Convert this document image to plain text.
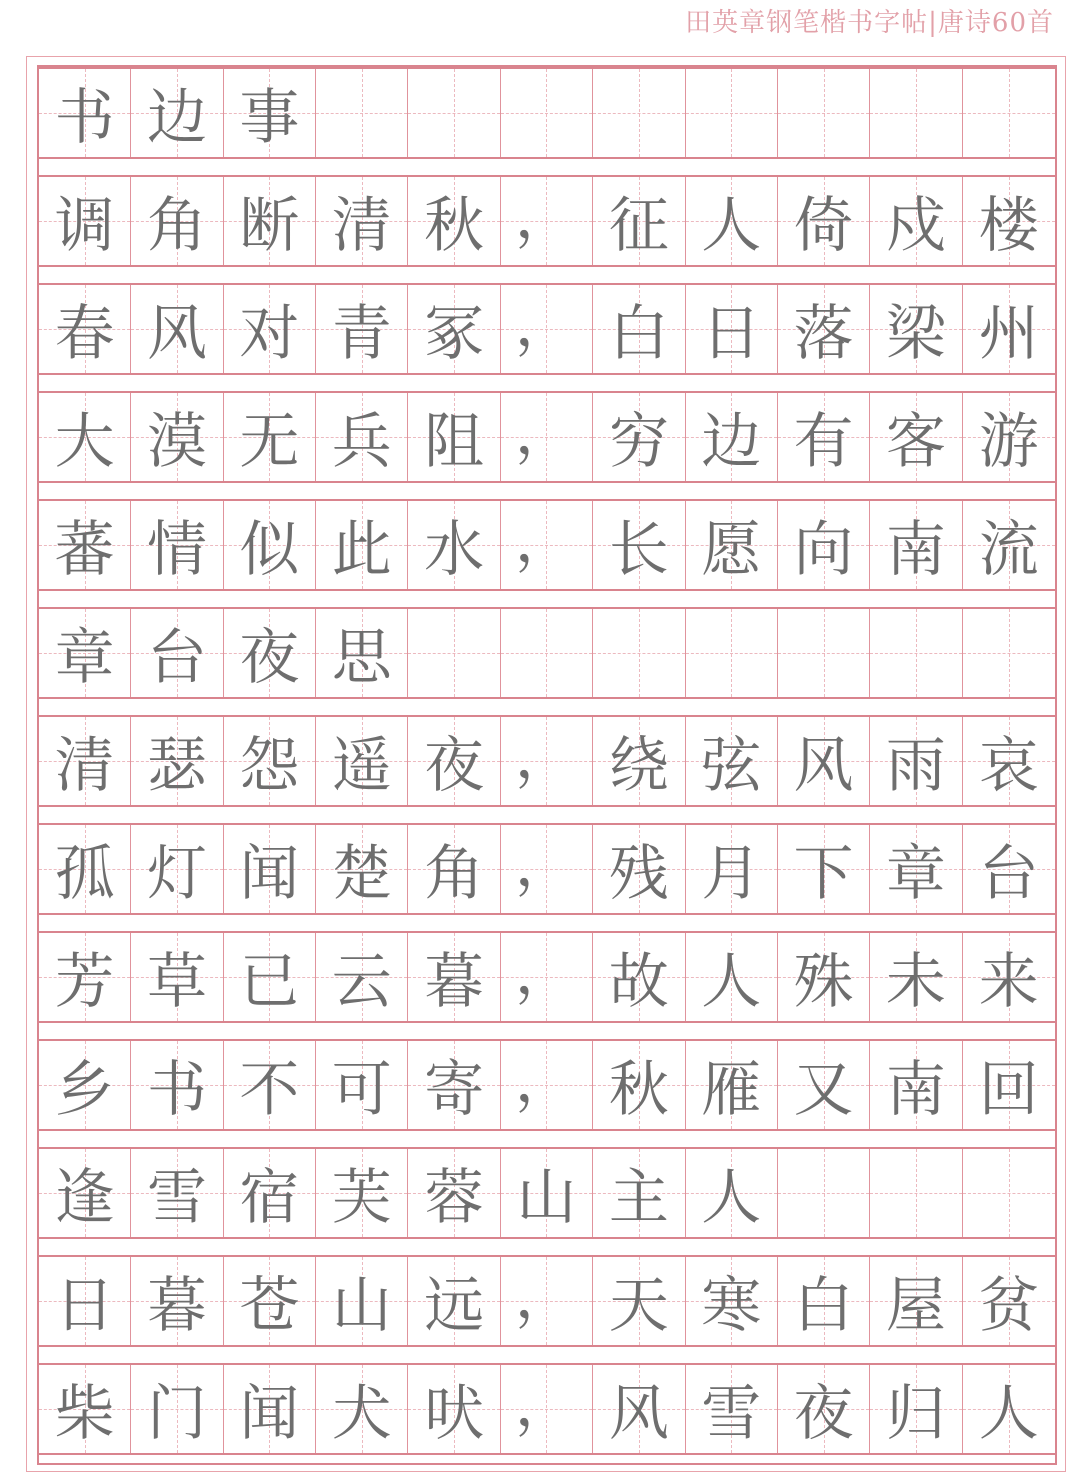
田英章钢笔楷书字帖|唐诗60首
书 边 事
调 角 断 清 秋 ， 征 人 倚 戍 楼
春 风 对 青 冢 ， 白 日 落 梁 州
大 漠 无 兵 阻 ， 穷 边 有 客 游
蕃 情 似 此 水 ， 长 愿 向 南 流
章 台 夜 思
清 瑟 怨 遥 夜 ， 绕 弦 风 雨 哀
孤 灯 闻 楚 角 ， 残 月 下 章 台
芳 草 已 云 暮 ， 故 人 殊 未 来
乡 书 不 可 寄 ， 秋 雁 又 南 回
逢 雪 宿 芙 蓉 山 主 人
日 暮 苍 山 远 ， 天 寒 白 屋 贫
柴 门 闻 犬 吠 ， 风 雪 夜 归 人
